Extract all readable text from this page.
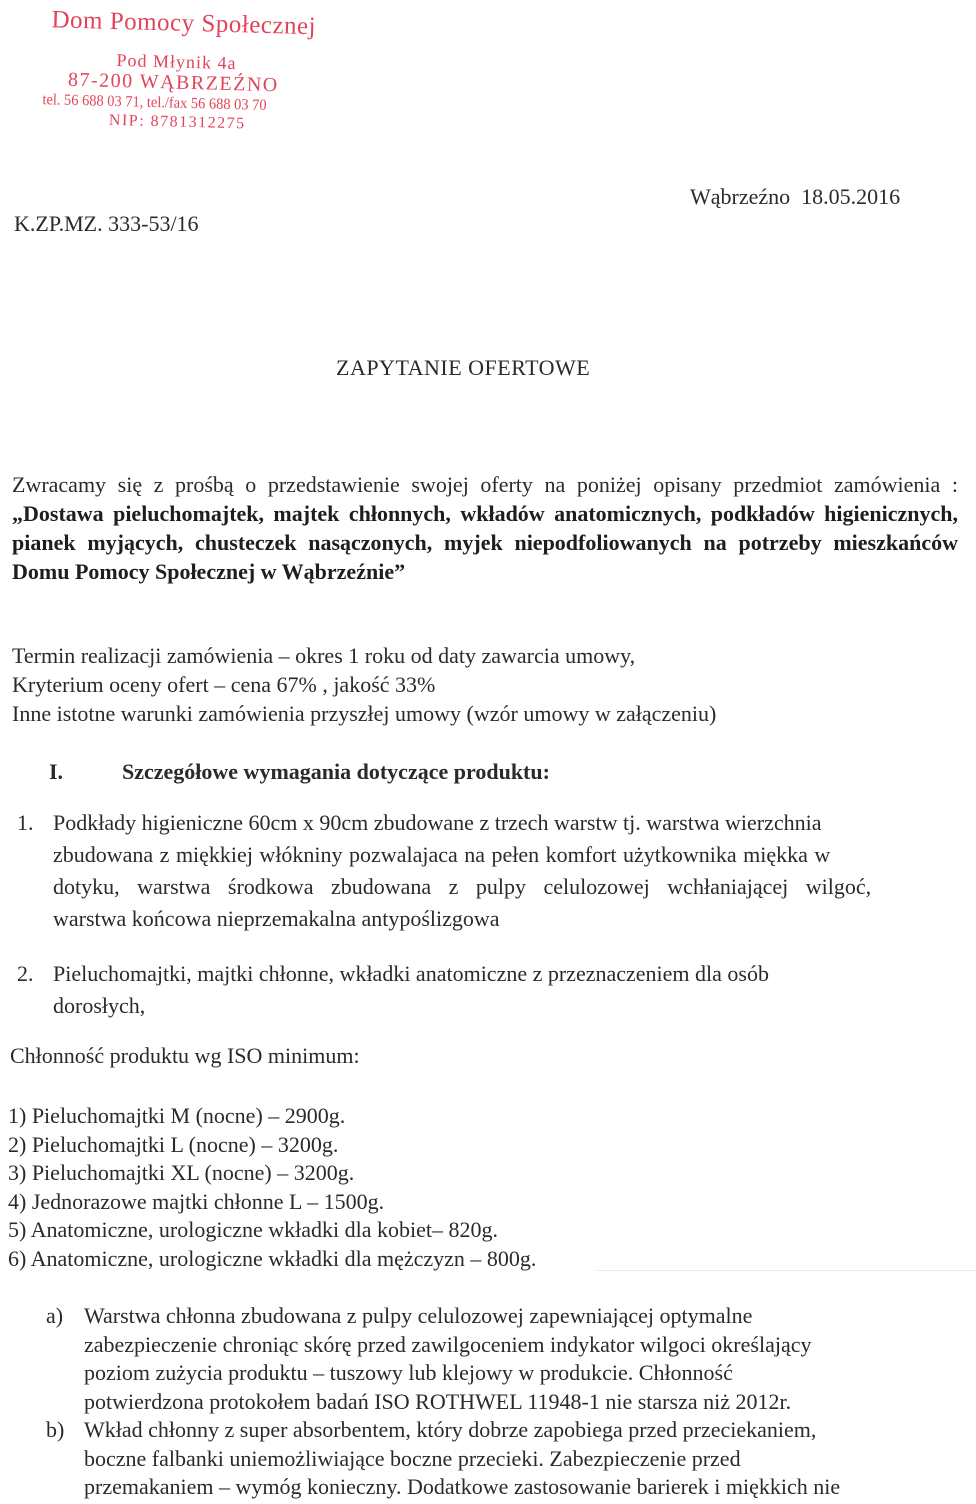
Dom Pomocy Społecznej
Pod Młynik 4a
87-200 WĄBRZEŹNO
tel. 56 688 03 71, tel./fax 56 688 03 70
NIP: 8781312275
K.ZP.MZ. 333-53/16
Wąbrzeźno  18.05.2016
ZAPYTANIE OFERTOWE
Zwracamy się z prośbą o przedstawienie swojej oferty na poniżej opisany przedmiot zamówienia : „Dostawa pieluchomajtek, majtek chłonnych, wkładów anatomicznych, podkładów higienicznych, pianek myjących, chusteczek nasączonych, myjek niepodfoliowanych na potrzeby mieszkańców Domu Pomocy Społecznej w Wąbrzeźnie”
Termin realizacji zamówienia – okres 1 roku od daty zawarcia umowy,
Kryterium oceny ofert – cena 67% , jakość 33%
Inne istotne warunki zamówienia przyszłej umowy (wzór umowy w załączeniu)
I.	Szczegółowe wymagania dotyczące produktu:
1. Podkłady higieniczne 60cm x 90cm zbudowane z trzech warstw tj. warstwa wierzchnia
zbudowana z miękkiej włókniny pozwalajaca na pełen komfort użytkownika miękka w
dotyku, warstwa środkowa zbudowana z pulpy celulozowej wchłaniającej wilgoć,
warstwa końcowa nieprzemakalna antypoślizgowa
2. Pieluchomajtki, majtki chłonne, wkładki anatomiczne z przeznaczeniem dla osób
dorosłych,
Chłonność produktu wg ISO minimum:
1) Pieluchomajtki M (nocne) – 2900g.
2) Pieluchomajtki L (nocne) – 3200g.
3) Pieluchomajtki XL (nocne) – 3200g.
4) Jednorazowe majtki chłonne L – 1500g.
5) Anatomiczne, urologiczne wkładki dla kobiet– 820g.
6) Anatomiczne, urologiczne wkładki dla mężczyzn – 800g.
a) Warstwa chłonna zbudowana z pulpy celulozowej zapewniającej optymalne
zabezpieczenie chroniąc skórę przed zawilgoceniem indykator wilgoci określający
poziom zużycia produktu – tuszowy lub klejowy w produkcie. Chłonność
potwierdzona protokołem badań ISO ROTHWEL 11948-1 nie starsza niż 2012r.
b) Wkład chłonny z super absorbentem, który dobrze zapobiega przed przeciekaniem,
boczne falbanki uniemożliwiające boczne przecieki. Zabezpieczenie przed
przemakaniem – wymóg konieczny. Dodatkowe zastosowanie barierek i miękkich nie
